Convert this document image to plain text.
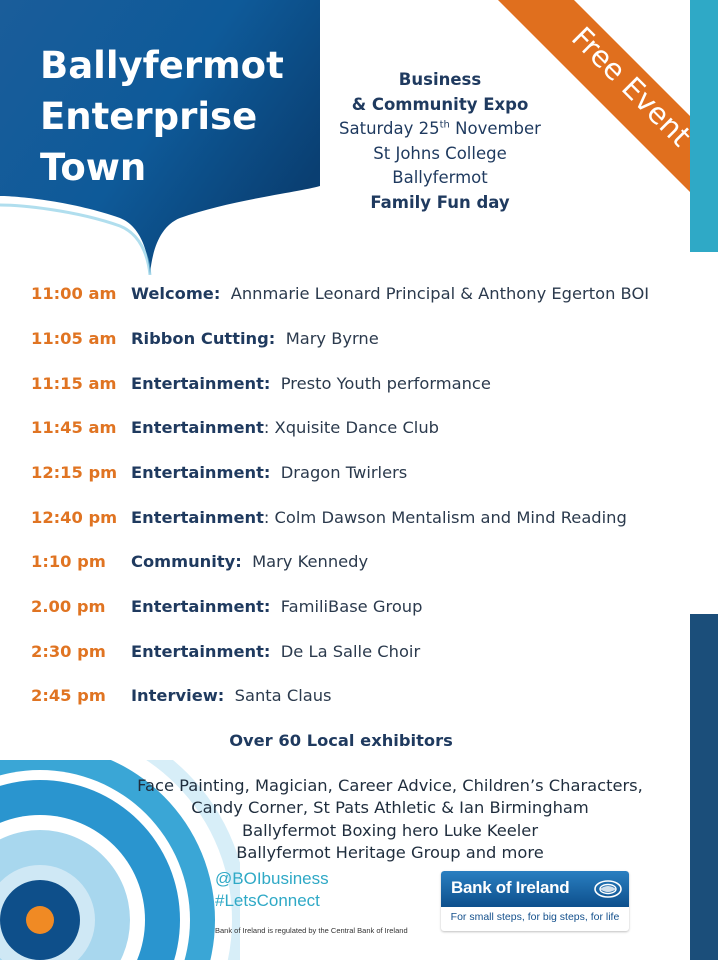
Ballyfermot
Enterprise
Town
Business
& Community Expo
Saturday 25th November
St Johns College Ballyfermot
Family Fun day
Free Event
11:00 am Welcome: Annmarie Leonard Principal & Anthony Egerton BOI
11:05 am Ribbon Cutting: Mary Byrne
11:15 am Entertainment: Presto Youth performance
11:45 am Entertainment: Xquisite Dance Club
12:15 pm Entertainment: Dragon Twirlers
12:40 pm Entertainment: Colm Dawson Mentalism and Mind Reading
1:10 pm Community: Mary Kennedy
2.00 pm Entertainment: FamiliBase Group
2:30 pm Entertainment: De La Salle Choir
2:45 pm Interview: Santa Claus
Over 60 Local exhibitors
Face Painting, Magician, Career Advice, Children’s Characters,
Candy Corner, St Pats Athletic & Ian Birmingham
Ballyfermot Boxing hero Luke Keeler
Ballyfermot Heritage Group and more
@BOIbusiness
#LetsConnect
Bank of Ireland is regulated by the Central Bank of Ireland
Bank of Ireland
For small steps, for big steps, for life
